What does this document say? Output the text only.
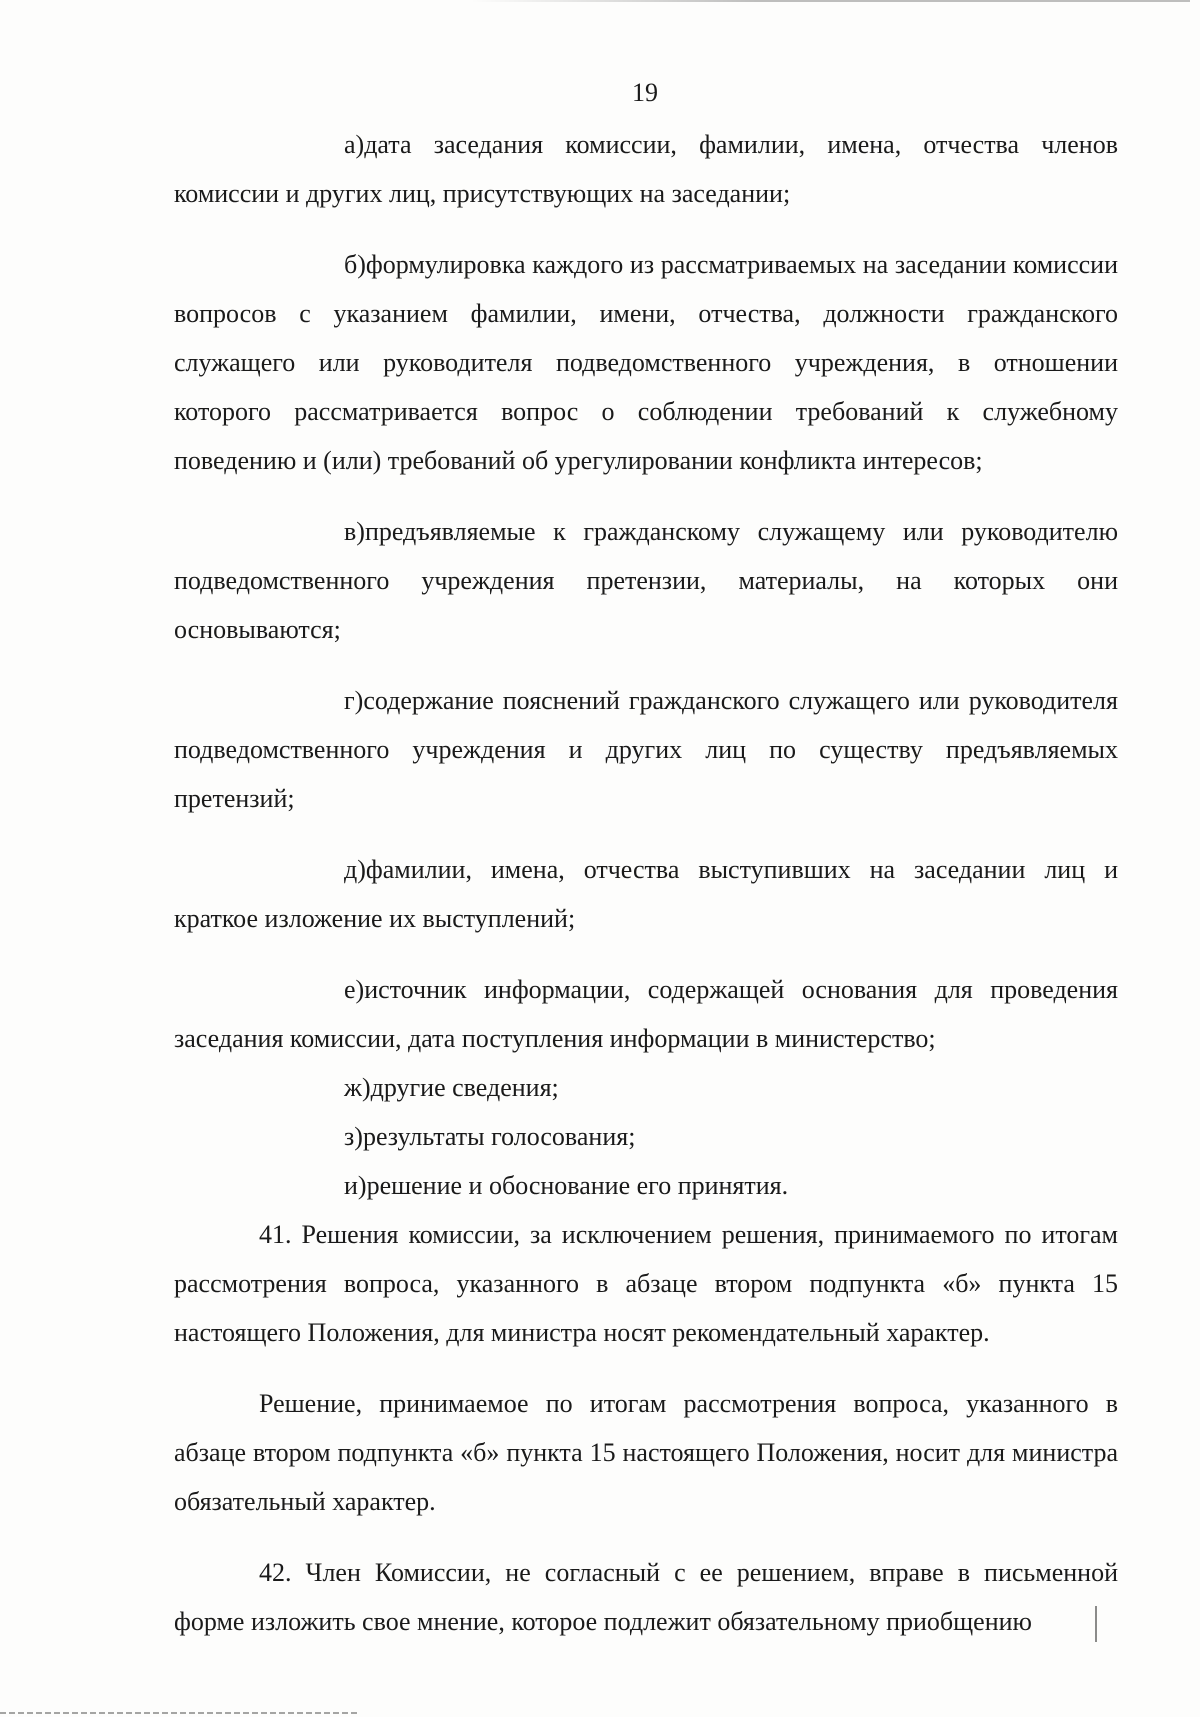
19

а)дата заседания комиссии, фамилии, имена, отчества членов комиссии и других лиц, присутствующих на заседании;

б)формулировка каждого из рассматриваемых на заседании комиссии вопросов с указанием фамилии, имени, отчества, должности гражданского служащего или руководителя подведомственного учреждения, в отношении которого рассматривается вопрос о соблюдении требований к служебному поведению и (или) требований об урегулировании конфликта интересов;

в)предъявляемые к гражданскому служащему или руководителю подведомственного учреждения претензии, материалы, на которых они основываются;

г)содержание пояснений гражданского служащего или руководителя подведомственного учреждения и других лиц по существу предъявляемых претензий;

д)фамилии, имена, отчества выступивших на заседании лиц и краткое изложение их выступлений;

е)источник информации, содержащей основания для проведения заседания комиссии, дата поступления информации в министерство;

ж)другие сведения;

з)результаты голосования;

и)решение и обоснование его принятия.

41. Решения комиссии, за исключением решения, принимаемого по итогам рассмотрения вопроса, указанного в абзаце втором подпункта «б» пункта 15 настоящего Положения, для министра носят рекомендательный характер.

Решение, принимаемое по итогам рассмотрения вопроса, указанного в абзаце втором подпункта «б» пункта 15 настоящего Положения, носит для министра обязательный характер.

42. Член Комиссии, не согласный с ее решением, вправе в письменной форме изложить свое мнение, которое подлежит обязательному приобщению
